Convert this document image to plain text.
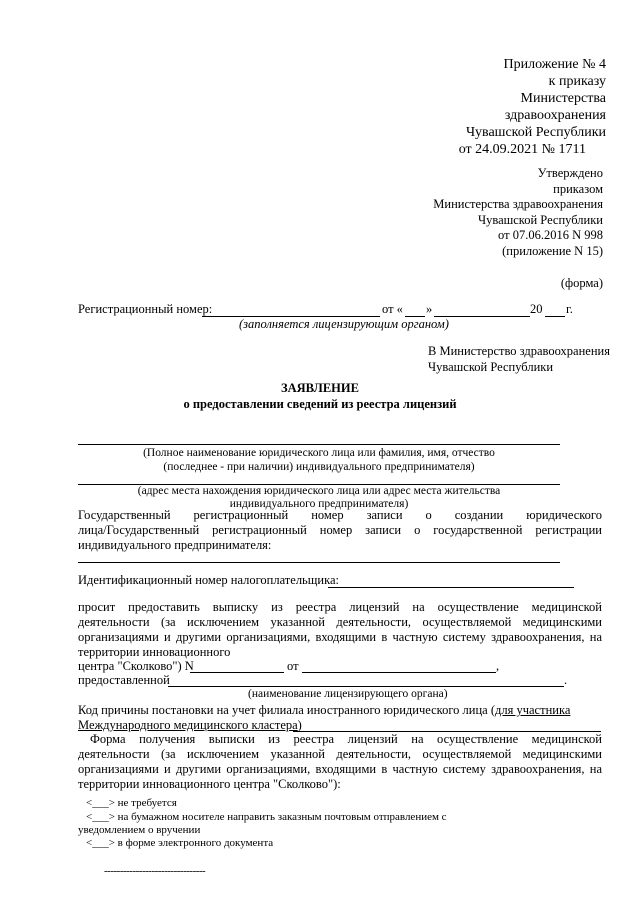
Приложение № 4
к приказу
Министерства
здравоохранения
Чувашской Республики
от 24.09.2021 № 1711
Утверждено
приказом
Министерства здравоохранения
Чувашской Республики
от 07.06.2016 N 998
(приложение N 15)
(форма)
Регистрационный номер:	от « »	20 г.
(заполняется лицензирующим органом)
В Министерство здравоохранения
Чувашской Республики
ЗАЯВЛЕНИЕ
о предоставлении сведений из реестра лицензий
(Полное наименование юридического лица или фамилия, имя, отчество
(последнее - при наличии) индивидуального предпринимателя)
(адрес места нахождения юридического лица или адрес места жительства
индивидуального предпринимателя)
Государственный регистрационный номер записи о создании юридического
лица/Государственный регистрационный номер записи о государственной регистрации
индивидуального предпринимателя:
Идентификационный номер налогоплательщика:
просит предоставить выписку из реестра лицензий на осуществление медицинской
деятельности (за исключением указанной деятельности, осуществляемой медицинскими
организациями и другими организациями, входящими в частную систему здравоохранения, на
территории инновационного
центра "Сколково") N	от	,
предоставленной	.
(наименование лицензирующего органа)
Код причины постановки на учет филиала иностранного юридического лица (для участника
Международного медицинского кластера)
Форма получения выписки из реестра лицензий на осуществление медицинской
деятельности (за исключением указанной деятельности, осуществляемой медицинскими
организациями и другими организациями, входящими в частную систему здравоохранения, на
территории инновационного центра "Сколково"):
<___> не требуется
<___> на бумажном носителе направить заказным почтовым отправлением с
уведомлением о вручении
<___> в форме электронного документа
--------------------------------
